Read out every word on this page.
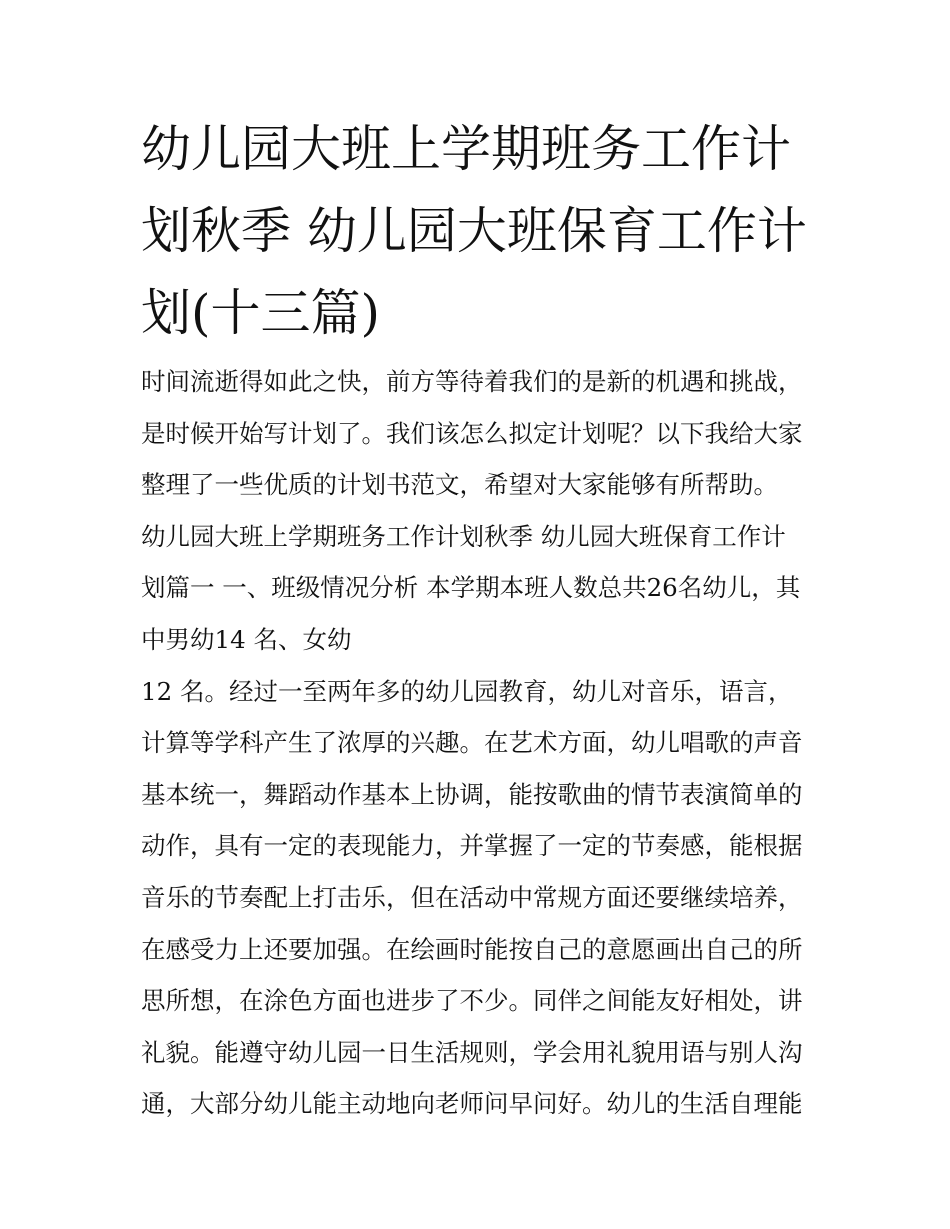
幼儿园大班上学期班务工作计
划秋季 幼儿园大班保育工作计
划(十三篇)
时间流逝得如此之快，前方等待着我们的是新的机遇和挑战，
是时候开始写计划了。我们该怎么拟定计划呢？以下我给大家
整理了一些优质的计划书范文，希望对大家能够有所帮助。
幼儿园大班上学期班务工作计划秋季 幼儿园大班保育工作计
划篇一 一、班级情况分析 本学期本班人数总共26名幼儿，其
中男幼14 名、女幼
12 名。经过一至两年多的幼儿园教育，幼儿对音乐，语言，
计算等学科产生了浓厚的兴趣。在艺术方面，幼儿唱歌的声音
基本统一，舞蹈动作基本上协调，能按歌曲的情节表演简单的
动作，具有一定的表现能力，并掌握了一定的节奏感，能根据
音乐的节奏配上打击乐，但在活动中常规方面还要继续培养，
在感受力上还要加强。在绘画时能按自己的意愿画出自己的所
思所想，在涂色方面也进步了不少。同伴之间能友好相处，讲
礼貌。能遵守幼儿园一日生活规则，学会用礼貌用语与别人沟
通，大部分幼儿能主动地向老师问早问好。幼儿的生活自理能
